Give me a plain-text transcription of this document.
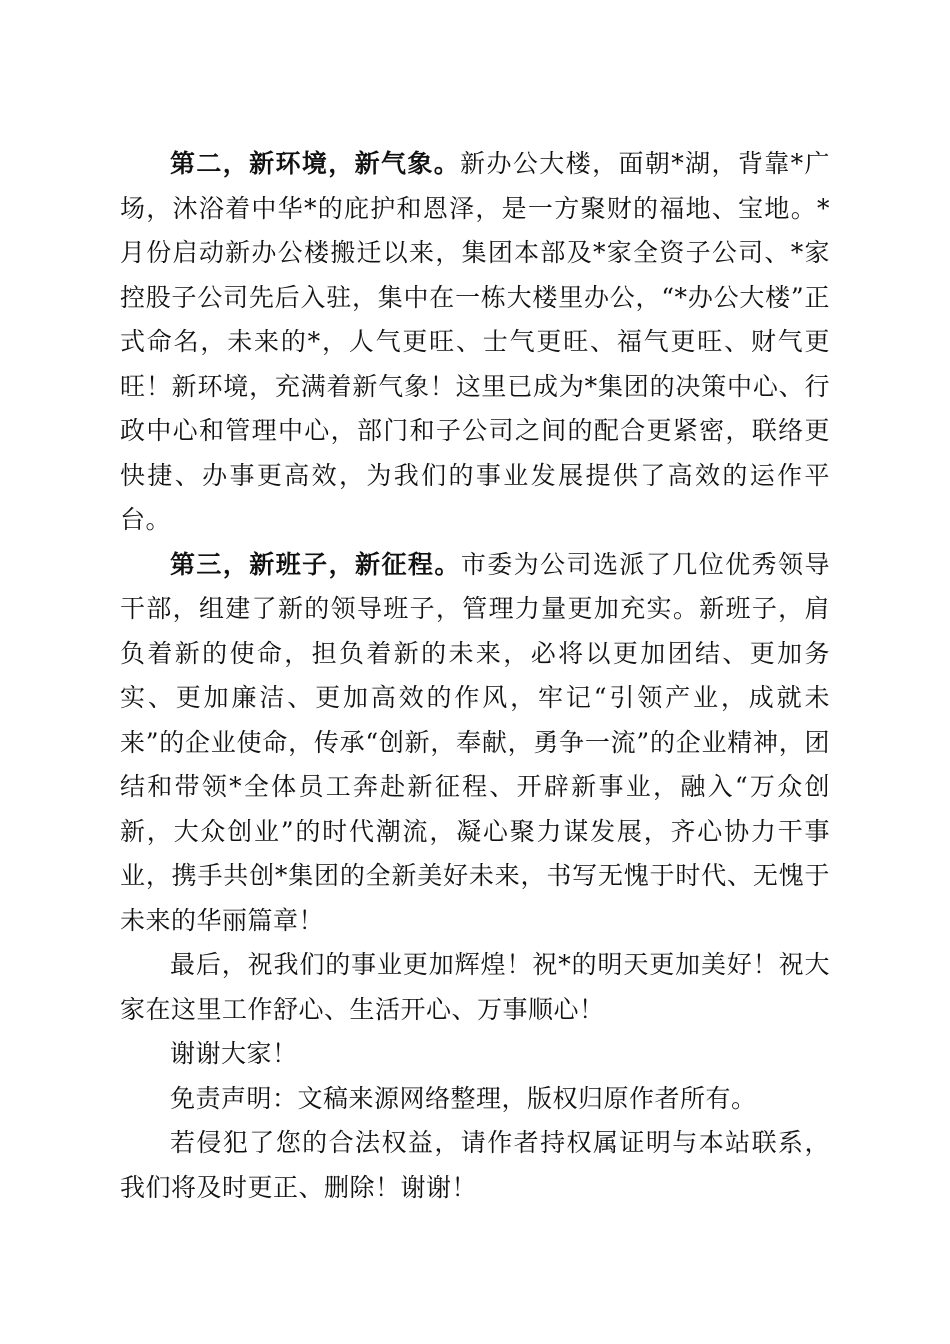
第二，新环境，新气象。新办公大楼，面朝*湖，背靠*广场，沐浴着中华*的庇护和恩泽，是一方聚财的福地、宝地。*月份启动新办公楼搬迁以来，集团本部及*家全资子公司、*家控股子公司先后入驻，集中在一栋大楼里办公，“*办公大楼”正式命名，未来的*，人气更旺、士气更旺、福气更旺、财气更旺！新环境，充满着新气象！这里已成为*集团的决策中心、行政中心和管理中心，部门和子公司之间的配合更紧密，联络更快捷、办事更高效，为我们的事业发展提供了高效的运作平台。

第三，新班子，新征程。市委为公司选派了几位优秀领导干部，组建了新的领导班子，管理力量更加充实。新班子，肩负着新的使命，担负着新的未来，必将以更加团结、更加务实、更加廉洁、更加高效的作风，牢记“引领产业，成就未来”的企业使命，传承“创新，奉献，勇争一流”的企业精神，团结和带领*全体员工奔赴新征程、开辟新事业，融入“万众创新，大众创业”的时代潮流，凝心聚力谋发展，齐心协力干事业，携手共创*集团的全新美好未来，书写无愧于时代、无愧于未来的华丽篇章！

最后，祝我们的事业更加辉煌！祝*的明天更加美好！祝大家在这里工作舒心、生活开心、万事顺心！

谢谢大家！

免责声明：文稿来源网络整理，版权归原作者所有。

若侵犯了您的合法权益，请作者持权属证明与本站联系，我们将及时更正、删除！谢谢！
